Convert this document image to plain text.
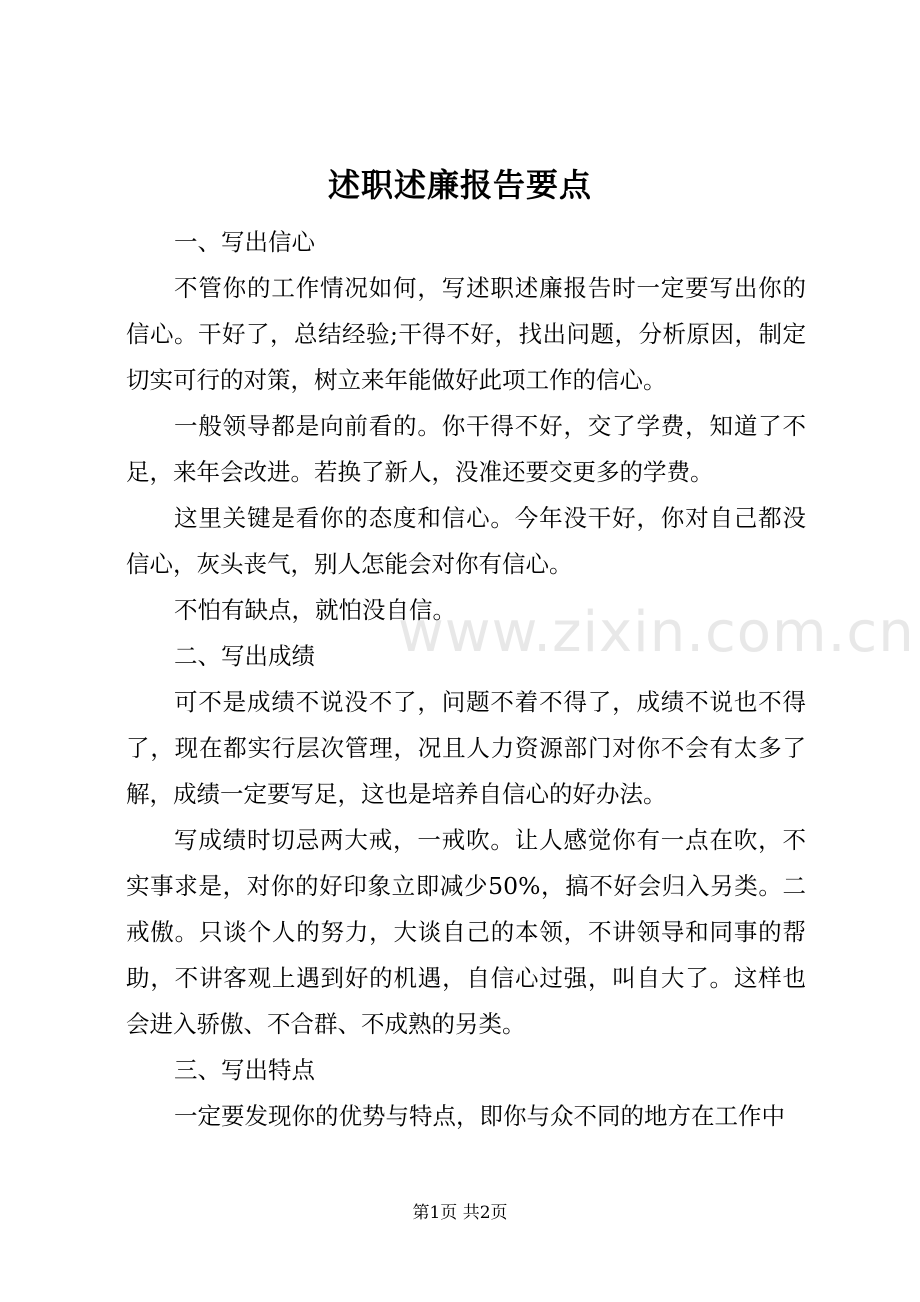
述职述廉报告要点

一、写出信心

不管你的工作情况如何，写述职述廉报告时一定要写出你的信心。干好了，总结经验;干得不好，找出问题，分析原因，制定切实可行的对策，树立来年能做好此项工作的信心。

一般领导都是向前看的。你干得不好，交了学费，知道了不足，来年会改进。若换了新人，没准还要交更多的学费。

这里关键是看你的态度和信心。今年没干好，你对自己都没信心，灰头丧气，别人怎能会对你有信心。

不怕有缺点，就怕没自信。

二、写出成绩

可不是成绩不说没不了，问题不着不得了，成绩不说也不得了，现在都实行层次管理，况且人力资源部门对你不会有太多了解，成绩一定要写足，这也是培养自信心的好办法。

写成绩时切忌两大戒，一戒吹。让人感觉你有一点在吹，不实事求是，对你的好印象立即减少50%，搞不好会归入另类。二戒傲。只谈个人的努力，大谈自己的本领，不讲领导和同事的帮助，不讲客观上遇到好的机遇，自信心过强，叫自大了。这样也会进入骄傲、不合群、不成熟的另类。

三、写出特点

一定要发现你的优势与特点，即你与众不同的地方在工作中

www.zixin.com.cn
第1页 共2页
